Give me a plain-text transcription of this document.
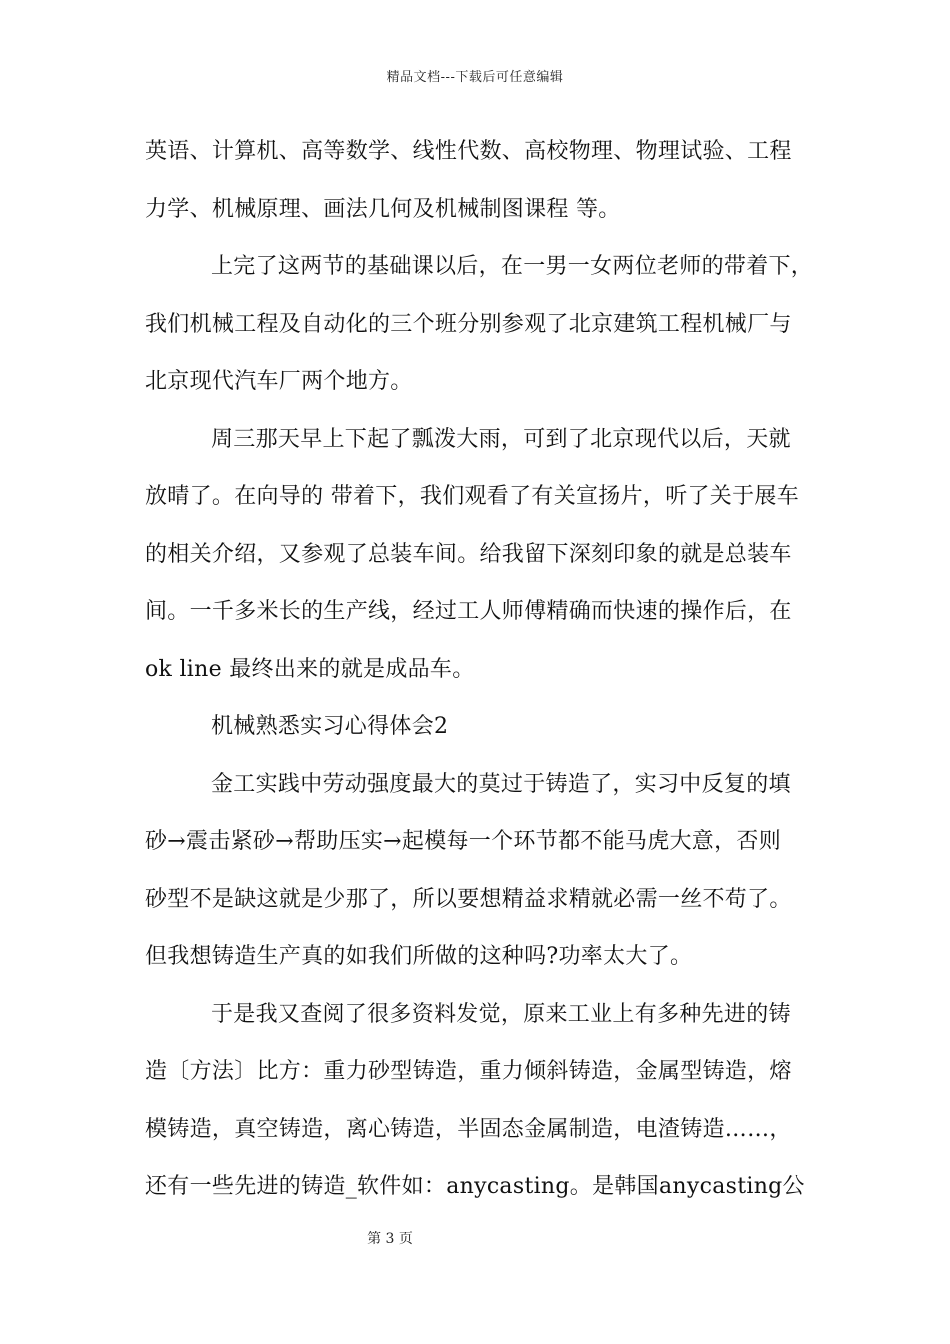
精品文档---下载后可任意编辑
英语、计算机、高等数学、线性代数、高校物理、物理试验、工程
力学、机械原理、画法几何及机械制图课程 等。
上完了这两节的基础课以后，在一男一女两位老师的带着下，
我们机械工程及自动化的三个班分别参观了北京建筑工程机械厂与
北京现代汽车厂两个地方。
周三那天早上下起了瓢泼大雨，可到了北京现代以后，天就
放晴了。在向导的 带着下，我们观看了有关宣扬片，听了关于展车
的相关介绍，又参观了总装车间。给我留下深刻印象的就是总装车
间。一千多米长的生产线，经过工人师傅精确而快速的操作后，在
ok line 最终出来的就是成品车。
机械熟悉实习心得体会2
金工实践中劳动强度最大的莫过于铸造了，实习中反复的填
砂→震击紧砂→帮助压实→起模每一个环节都不能马虎大意，否则
砂型不是缺这就是少那了，所以要想精益求精就必需一丝不苟了。
但我想铸造生产真的如我们所做的这种吗?功率太大了。
于是我又查阅了很多资料发觉，原来工业上有多种先进的铸
造〔方法〕比方：重力砂型铸造，重力倾斜铸造，金属型铸造，熔
模铸造，真空铸造，离心铸造，半固态金属制造，电渣铸造……，
还有一些先进的铸造_软件如：anycasting。是韩国anycasting公
第 3 页
